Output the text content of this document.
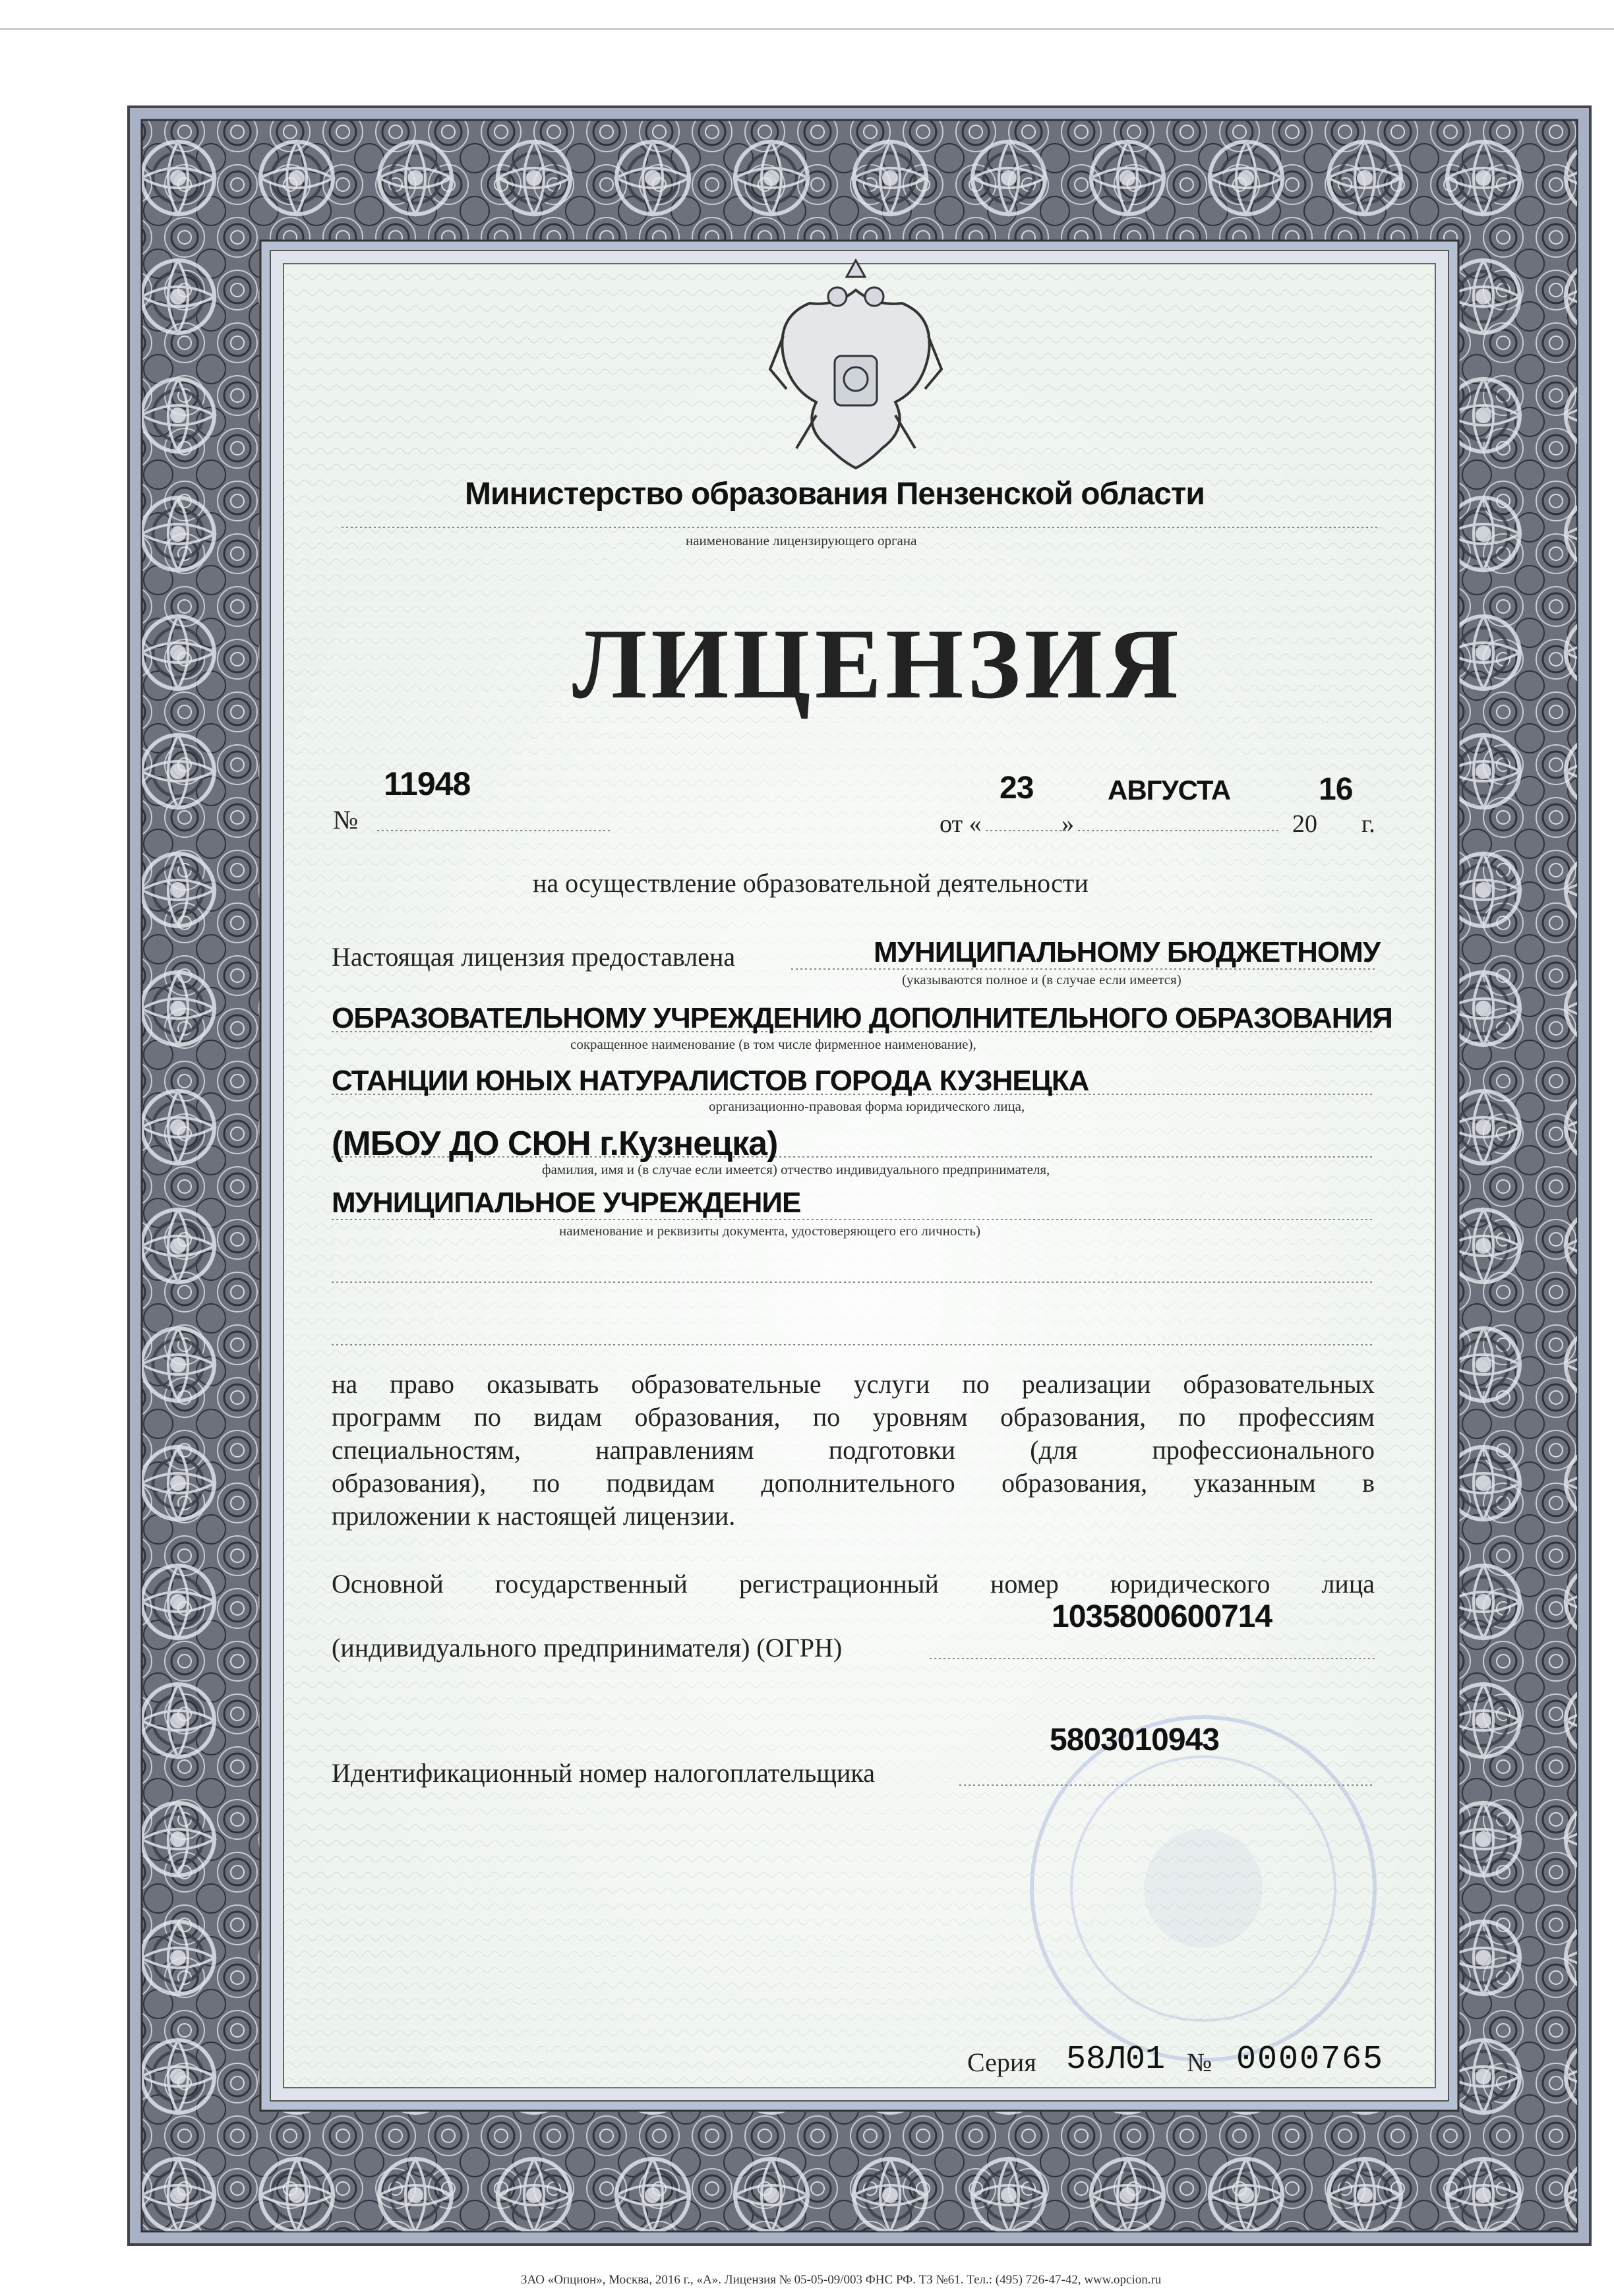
Министерство образования Пензенской области
наименование лицензирующего органа
ЛИЦЕНЗИЯ
№
11948
от «
23
»
АВГУСТА
20
16
г.
на осуществление образовательной деятельности
Настоящая лицензия предоставлена	МУНИЦИПАЛЬНОМУ БЮДЖЕТНОМУ
(указываются полное и (в случае если имеется)
ОБРАЗОВАТЕЛЬНОМУ УЧРЕЖДЕНИЮ ДОПОЛНИТЕЛЬНОГО ОБРАЗОВАНИЯ
сокращенное наименование (в том числе фирменное наименование),
СТАНЦИИ ЮНЫХ НАТУРАЛИСТОВ ГОРОДА КУЗНЕЦКА
организационно-правовая форма юридического лица,
(МБОУ ДО СЮН г.Кузнецка)
фамилия, имя и (в случае если имеется) отчество индивидуального предпринимателя,
МУНИЦИПАЛЬНОЕ УЧРЕЖДЕНИЕ
наименование и реквизиты документа, удостоверяющего его личность)
на право оказывать образовательные услуги по реализации образовательных
программ по видам образования, по уровням образования, по профессиям
специальностям, направлениям подготовки (для профессионального
образования), по подвидам дополнительного образования, указанным в
приложении к настоящей лицензии.
Основной государственный регистрационный номер юридического лица
1035800600714
(индивидуального предпринимателя) (ОГРН)
5803010943
Идентификационный номер налогоплательщика
Серия 58Л01 № 0000765
ЗАО «Опцион», Москва, 2016 г., «А». Лицензия № 05-05-09/003 ФНС РФ. ТЗ №61. Тел.: (495) 726-47-42, www.opcion.ru
